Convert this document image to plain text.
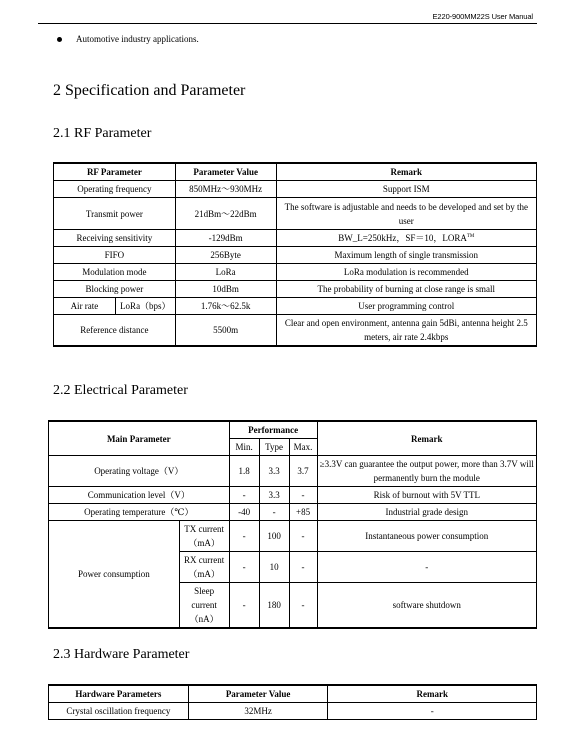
E220-900MM22S User Manual
Automotive industry applications.
2 Specification and Parameter
2.1 RF Parameter
RF Parameter		Parameter Value	Remark
Operating frequency		850MHz～930MHz	Support ISM
Transmit power		21dBm～22dBm	The software is adjustable and needs to be developed and set by the user
Receiving sensitivity		-129dBm	BW_L=250kHz，SF＝10，LORA™
FIFO		256Byte	Maximum length of single transmission
Modulation mode		LoRa	LoRa modulation is recommended
Blocking power		10dBm	The probability of burning at close range is small
Air rate	LoRa（bps）	1.76k～62.5k	User programming control
Reference distance		5500m	Clear and open environment, antenna gain 5dBi, antenna height 2.5 meters, air rate 2.4kbps
2.2 Electrical Parameter
Main Parameter		Performance			Remark
		Min.	Type	Max.	
Operating voltage（V）		1.8	3.3	3.7	≥3.3V can guarantee the output power, more than 3.7V will permanently burn the module
Communication level（V）		-	3.3	-	Risk of burnout with 5V TTL
Operating temperature（℃）		-40	-	+85	Industrial grade design
Power consumption	TX current （mA）	-	100	-	Instantaneous power consumption
	RX current （mA）	-	10	-	-
	Sleep current （nA）	-	180	-	software shutdown
2.3 Hardware Parameter
Hardware Parameters	Parameter Value	Remark
Crystal oscillation frequency	32MHz	-
